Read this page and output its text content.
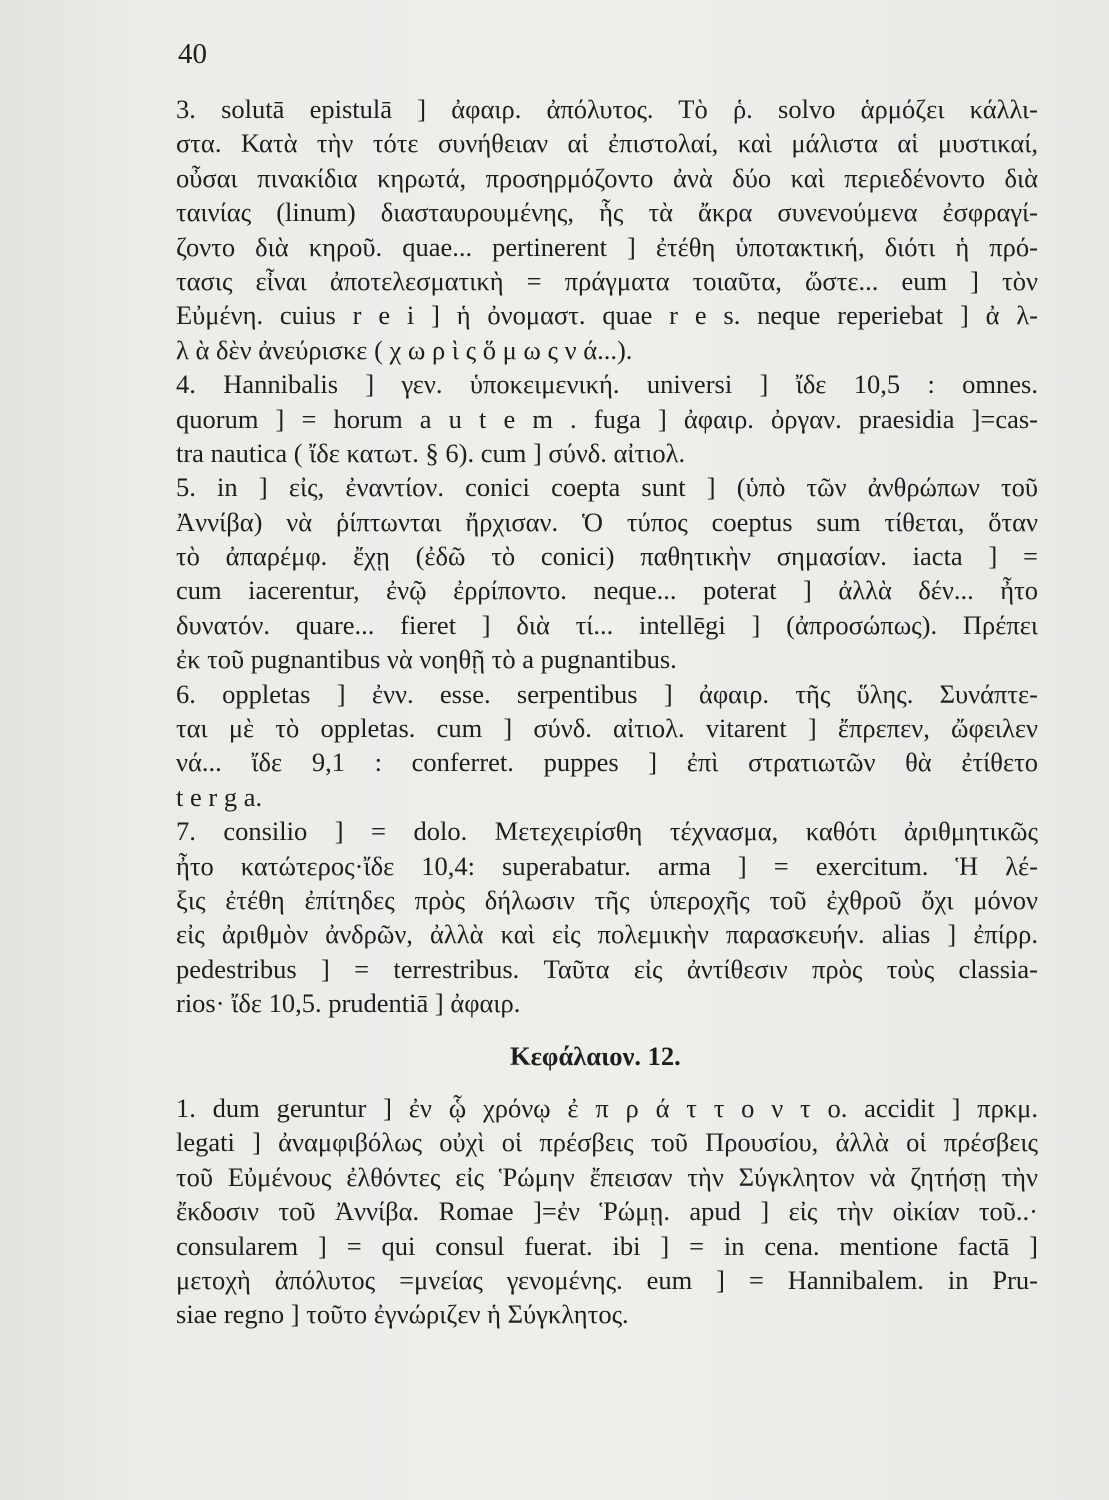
40
3. solutā epistulā ] ἀφαιρ. ἀπόλυτος. Τὸ ῥ. solvo ἁρμόζει κάλλι-
στα. Κατὰ τὴν τότε συνήθειαν αἱ ἐπιστολαί, καὶ μάλιστα αἱ μυστικαί,
οὖσαι πινακίδια κηρωτά, προσηρμόζοντο ἀνὰ δύο καὶ περιεδένοντο διὰ
ταινίας (linum) διασταυρουμένης, ἧς τὰ ἄκρα συνενούμενα ἐσφραγί-
ζοντο διὰ κηροῦ. quae... pertinerent ] ἐτέθη ὑποτακτική, διότι ἡ πρό-
τασις εἶναι ἀποτελεσματικὴ = πράγματα τοιαῦτα, ὥστε... eum ] τὸν
Εὐμένη. cuius r e i ] ἡ ὀνομαστ. quae r e s. neque reperiebat ] ἀ λ-
λ ὰ δὲν ἀνεύρισκε ( χ ω ρ ὶ ς ὅ μ ω ς ν ά...).
4. Hannibalis ] γεν. ὑποκειμενική. universi ] ἴδε 10,5 : omnes.
quorum ] = horum a u t e m . fuga ] ἀφαιρ. ὀργαν. praesidia ]=cas-
tra nautica ( ἴδε κατωτ. § 6). cum ] σύνδ. αἰτιολ.
5. in ] εἰς, ἐναντίον. conici coepta sunt ] (ὑπὸ τῶν ἀνθρώπων τοῦ
Ἀννίβα) νὰ ῥίπτωνται ἤρχισαν. Ὁ τύπος coeptus sum τίθεται, ὅταν
τὸ ἀπαρέμφ. ἔχῃ (ἐδῶ τὸ conici) παθητικὴν σημασίαν. iacta ] =
cum iacerentur, ἐνῷ ἐρρίποντο. neque... poterat ] ἀλλὰ δέν... ἦτο
δυνατόν. quare... fieret ] διὰ τί... intellēgi ] (ἀπροσώπως). Πρέπει
ἐκ τοῦ pugnantibus νὰ νοηθῇ τὸ a pugnantibus.
6. oppletas ] ἐνν. esse. serpentibus ] ἀφαιρ. τῆς ὕλης. Συνάπτε-
ται μὲ τὸ oppletas. cum ] σύνδ. αἰτιολ. vitarent ] ἔπρεπεν, ὤφειλεν
νά... ἴδε 9,1 : conferret. puppes ] ἐπὶ στρατιωτῶν θὰ ἐτίθετο
t e r g a.
7. consilio ] = dolo. Μετεχειρίσθη τέχνασμα, καθότι ἀριθμητικῶς
ἦτο κατώτερος·ἴδε 10,4: superabatur. arma ] = exercitum. Ἡ λέ-
ξις ἐτέθη ἐπίτηδες πρὸς δήλωσιν τῆς ὑπεροχῆς τοῦ ἐχθροῦ ὄχι μόνον
εἰς ἀριθμὸν ἀνδρῶν, ἀλλὰ καὶ εἰς πολεμικὴν παρασκευήν. alias ] ἐπίρρ.
pedestribus ] = terrestribus. Ταῦτα εἰς ἀντίθεσιν πρὸς τοὺς classia-
rios· ἴδε 10,5. prudentiā ] ἀφαιρ.
Κεφάλαιον. 12.
1. dum geruntur ] ἐν ᾧ χρόνῳ ἐ π ρ ά τ τ ο ν τ ο. accidit ] πρκμ.
legati ] ἀναμφιβόλως οὐχὶ οἱ πρέσβεις τοῦ Προυσίου, ἀλλὰ οἱ πρέσβεις
τοῦ Εὐμένους ἐλθόντες εἰς Ῥώμην ἔπεισαν τὴν Σύγκλητον νὰ ζητήσῃ τὴν
ἔκδοσιν τοῦ Ἀννίβα. Romae ]=ἐν Ῥώμῃ. apud ] εἰς τὴν οἰκίαν τοῦ..·
consularem ] = qui consul fuerat. ibi ] = in cena. mentione factā ]
μετοχὴ ἀπόλυτος =μνείας γενομένης. eum ] = Hannibalem. in Pru-
siae regno ] τοῦτο ἐγνώριζεν ἡ Σύγκλητος.
